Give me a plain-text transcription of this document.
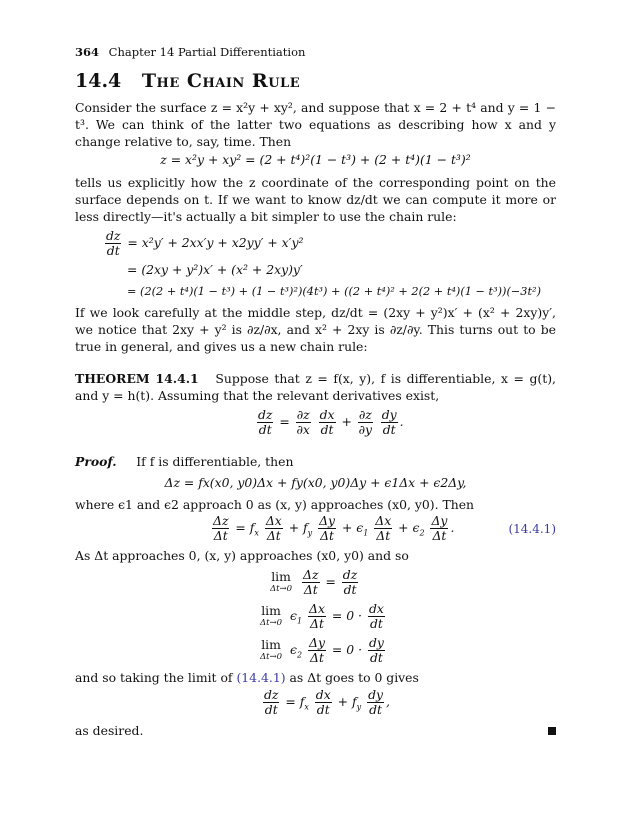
364 Chapter 14 Partial Differentiation
14.4 The Chain Rule
Consider the surface z = x²y + xy², and suppose that x = 2 + t⁴ and y = 1 − t³. We can think of the latter two equations as describing how x and y change relative to, say, time. Then
z = x²y + xy² = (2 + t⁴)²(1 − t³) + (2 + t⁴)(1 − t³)²
tells us explicitly how the z coordinate of the corresponding point on the surface depends on t. If we want to know dz/dt we can compute it more or less directly—it's actually a bit simpler to use the chain rule:
$\frac{dz}{dt} = x^2y' + 2xx'y + x2yy' + x'y^2$
= (2xy + y²)x′ + (x² + 2xy)y′
= (2(2 + t⁴)(1 − t³) + (1 − t³)²)(4t³) + ((2 + t⁴)² + 2(2 + t⁴)(1 − t³))(−3t²)
If we look carefully at the middle step, dz/dt = (2xy + y²)x′ + (x² + 2xy)y′, we notice that 2xy + y² is ∂z/∂x, and x² + 2xy is ∂z/∂y. This turns out to be true in general, and gives us a new chain rule:
THEOREM 14.4.1 Suppose that z = f(x, y), f is differentiable, x = g(t), and y = h(t). Assuming that the relevant derivatives exist,
$\frac{dz}{dt} = \frac{\partial z}{\partial x}$
$\frac{dx}{dt} + \frac{\partial z}{\partial y}$
$\frac{dy}{dt}$ .
Proof. If f is differentiable, then
Δz = fx(x0, y0)Δx + fy(x0, y0)Δy + ϵ1Δx + ϵ2Δy,
where ϵ1 and ϵ2 approach 0 as (x, y) approaches (x0, y0). Then
$\frac{\Delta z}{\Delta t} = f_x \frac{\Delta x}{\Delta t} + f_y \frac{\Delta y}{\Delta t} + \epsilon_1 \frac{\Delta x}{\Delta t} + \epsilon_2 \frac{\Delta y}{\Delta t}$ .	(14.4.1)
As Δt approaches 0, (x, y) approaches (x0, y0) and so
lim
Δt→0
$\frac{\Delta z}{\Delta t} = \frac{dz}{dt}$
lim
Δt→0 $\epsilon_1 \frac{\Delta x}{\Delta t} = 0 \cdot \frac{dx}{dt}$
lim
Δt→0 $\epsilon_2 \frac{\Delta y}{\Delta t} = 0 \cdot \frac{dy}{dt}$
and so taking the limit of (14.4.1) as Δt goes to 0 gives
$\frac{dz}{dt} = f_x \frac{dx}{dt} + f_y \frac{dy}{dt}$ ,
as desired.
